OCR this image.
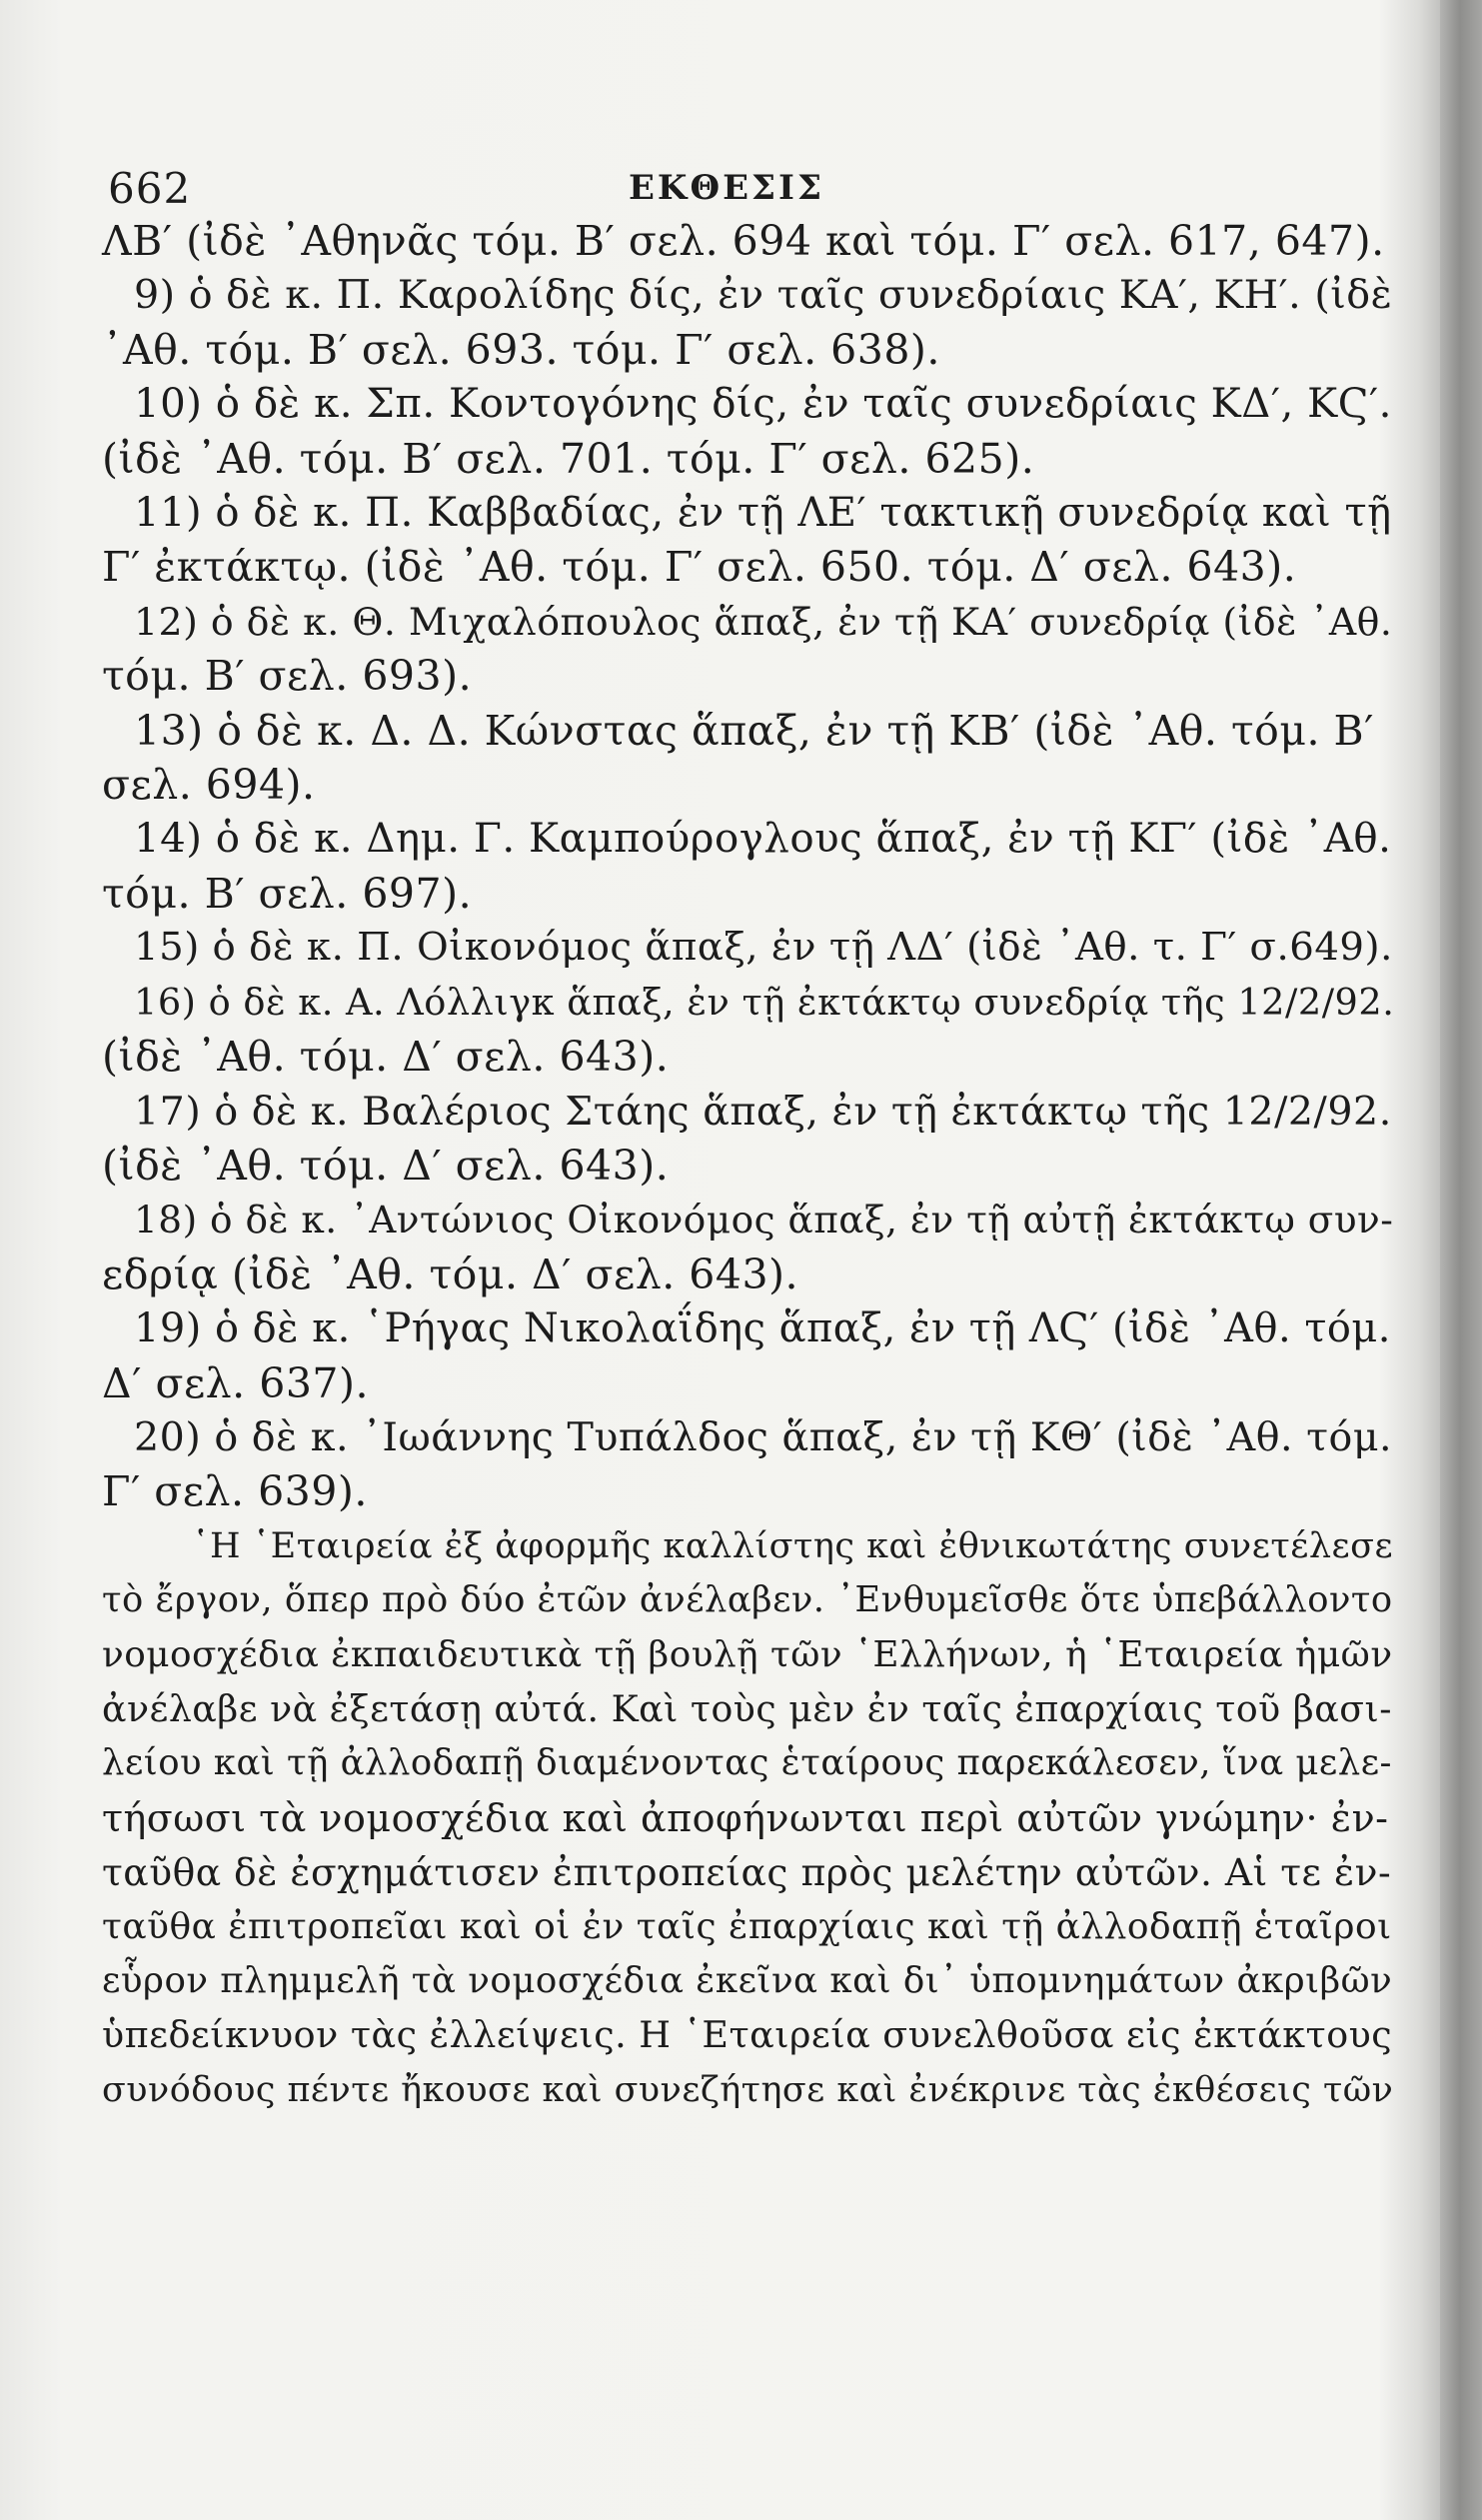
662	ΕΚΘΕΣΙΣ
ΛΒ′ (ἰδὲ ᾿Αθηνᾶς τόμ. Β′ σελ. 694 καὶ τόμ. Γ′ σελ. 617, 647).
9) ὁ δὲ κ. Π. Καρολίδης δίς, ἐν ταῖς συνεδρίαις ΚΑ′, ΚΗ′. (ἰδὲ
᾿Αθ. τόμ. Β′ σελ. 693. τόμ. Γ′ σελ. 638).
10) ὁ δὲ κ. Σπ. Κοντογόνης δίς, ἐν ταῖς συνεδρίαις ΚΔ′, ΚϚ′.
(ἰδὲ ᾿Αθ. τόμ. Β′ σελ. 701. τόμ. Γ′ σελ. 625).
11) ὁ δὲ κ. Π. Καββαδίας, ἐν τῇ ΛΕ′ τακτικῇ συνεδρίᾳ καὶ τῇ
Γ′ ἐκτάκτῳ. (ἰδὲ ᾿Αθ. τόμ. Γ′ σελ. 650. τόμ. Δ′ σελ. 643).
12) ὁ δὲ κ. Θ. Μιχαλόπουλος ἅπαξ, ἐν τῇ ΚΑ′ συνεδρίᾳ (ἰδὲ ᾿Αθ.
τόμ. Β′ σελ. 693).
13) ὁ δὲ κ. Δ. Δ. Κώνστας ἅπαξ, ἐν τῇ ΚΒ′ (ἰδὲ ᾿Αθ. τόμ. Β′
σελ. 694).
14) ὁ δὲ κ. Δημ. Γ. Καμπούρογλους ἅπαξ, ἐν τῇ ΚΓ′ (ἰδὲ ᾿Αθ.
τόμ. Β′ σελ. 697).
15) ὁ δὲ κ. Π. Οἰκονόμος ἅπαξ, ἐν τῇ ΛΔ′ (ἰδὲ ᾿Αθ. τ. Γ′ σ.649).
16) ὁ δὲ κ. Α. Λόλλιγκ ἅπαξ, ἐν τῇ ἐκτάκτῳ συνεδρίᾳ τῆς 12/2/92.
(ἰδὲ ᾿Αθ. τόμ. Δ′ σελ. 643).
17) ὁ δὲ κ. Βαλέριος Στάης ἅπαξ, ἐν τῇ ἐκτάκτῳ τῆς 12/2/92.
(ἰδὲ ᾿Αθ. τόμ. Δ′ σελ. 643).
18) ὁ δὲ κ. ᾿Αντώνιος Οἰκονόμος ἅπαξ, ἐν τῇ αὐτῇ ἐκτάκτῳ συν-
εδρίᾳ (ἰδὲ ᾿Αθ. τόμ. Δ′ σελ. 643).
19) ὁ δὲ κ. ῾Ρήγας Νικολαΐδης ἅπαξ, ἐν τῇ ΛϚ′ (ἰδὲ ᾿Αθ. τόμ.
Δ′ σελ. 637).
20) ὁ δὲ κ. ᾿Ιωάννης Τυπάλδος ἅπαξ, ἐν τῇ ΚΘ′ (ἰδὲ ᾿Αθ. τόμ.
Γ′ σελ. 639).
῾Η ῾Εταιρεία ἐξ ἀφορμῆς καλλίστης καὶ ἐθνικωτάτης συνετέλεσε
τὸ ἔργον, ὅπερ πρὸ δύο ἐτῶν ἀνέλαβεν. ᾿Ενθυμεῖσθε ὅτε ὑπεβάλλοντο
νομοσχέδια ἐκπαιδευτικὰ τῇ βουλῇ τῶν ῾Ελλήνων, ἡ ῾Εταιρεία ἡμῶν
ἀνέλαβε νὰ ἐξετάσῃ αὐτά. Καὶ τοὺς μὲν ἐν ταῖς ἐπαρχίαις τοῦ βασι-
λείου καὶ τῇ ἀλλοδαπῇ διαμένοντας ἑταίρους παρεκάλεσεν, ἵνα μελε-
τήσωσι τὰ νομοσχέδια καὶ ἀποφήνωνται περὶ αὐτῶν γνώμην· ἐν-
ταῦθα δὲ ἐσχημάτισεν ἐπιτροπείας πρὸς μελέτην αὐτῶν. Αἱ τε ἐν-
ταῦθα ἐπιτροπεῖαι καὶ οἱ ἐν ταῖς ἐπαρχίαις καὶ τῇ ἀλλοδαπῇ ἑταῖροι
εὗρον πλημμελῆ τὰ νομοσχέδια ἐκεῖνα καὶ δι᾿ ὑπομνημάτων ἀκριβῶν
ὑπεδείκνυον τὰς ἐλλείψεις. Η ῾Εταιρεία συνελθοῦσα εἰς ἐκτάκτους
συνόδους πέντε ἤκουσε καὶ συνεζήτησε καὶ ἐνέκρινε τὰς ἐκθέσεις τῶν
